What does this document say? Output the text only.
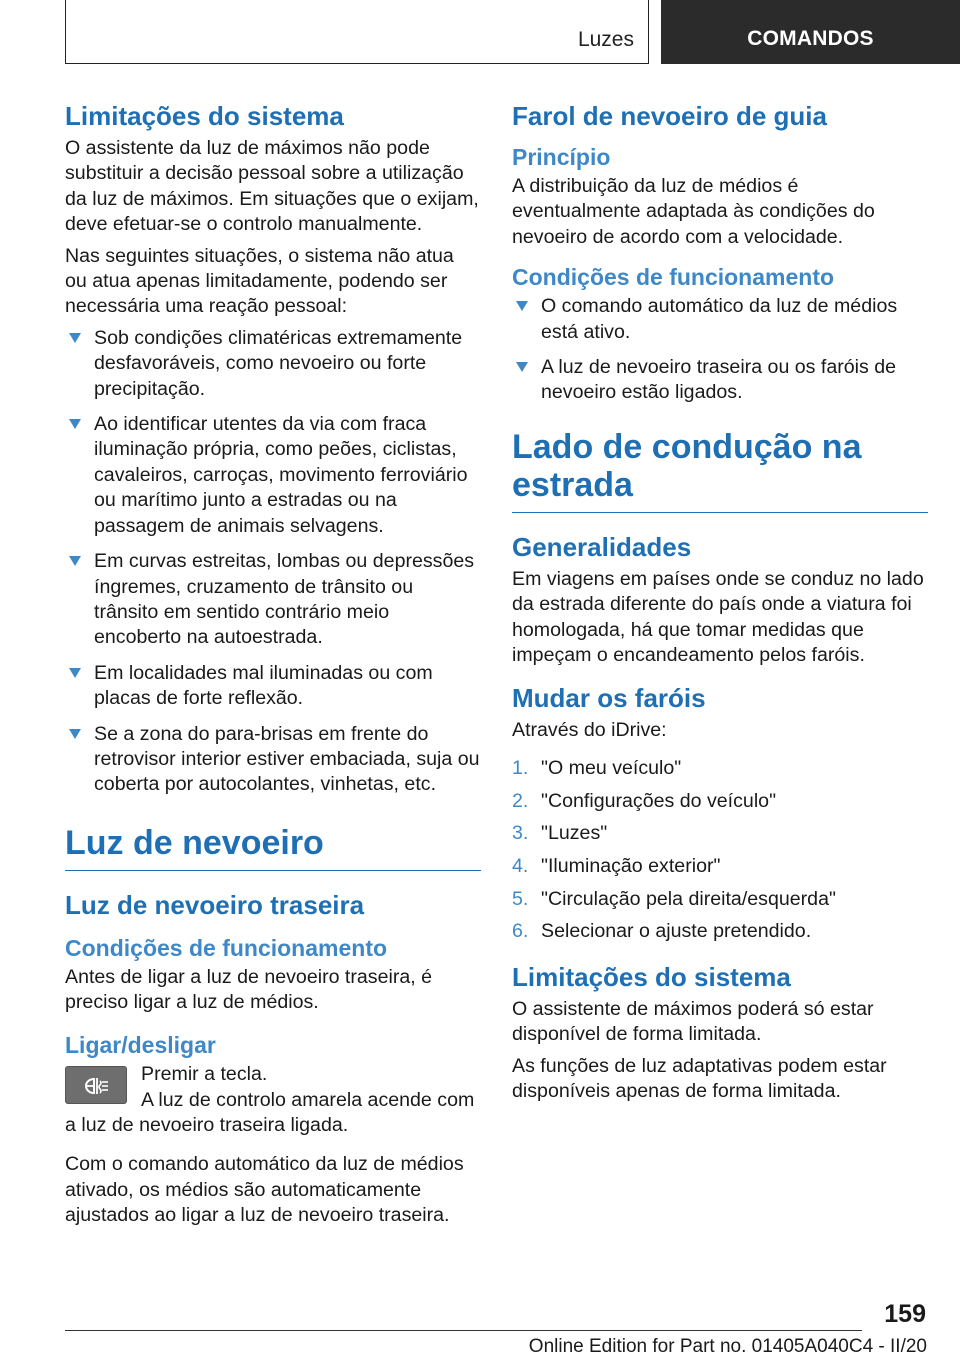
Luzes	COMANDOS
Limitações do sistema

O assistente da luz de máximos não pode substituir a decisão pessoal sobre a utilização da luz de máximos. Em situações que o exijam, deve efetuar-se o controlo manualmente.

Nas seguintes situações, o sistema não atua ou atua apenas limitadamente, podendo ser necessária uma reação pessoal:

Sob condições climatéricas extremamente desfavoráveis, como nevoeiro ou forte precipitação.
Ao identificar utentes da via com fraca iluminação própria, como peões, ciclistas, cavaleiros, carroças, movimento ferroviário ou marítimo junto a estradas ou na passagem de animais selvagens.
Em curvas estreitas, lombas ou depressões íngremes, cruzamento de trânsito ou trânsito em sentido contrário meio encoberto na autoestrada.
Em localidades mal iluminadas ou com placas de forte reflexão.
Se a zona do para-brisas em frente do retrovisor interior estiver embaciada, suja ou coberta por autocolantes, vinhetas, etc.
Luz de nevoeiro
Luz de nevoeiro traseira
Condições de funcionamento

Antes de ligar a luz de nevoeiro traseira, é preciso ligar a luz de médios.

Ligar/desligar

Premir a tecla.

A luz de controlo amarela acende com a luz de nevoeiro traseira ligada.

Com o comando automático da luz de médios ativado, os médios são automaticamente ajustados ao ligar a luz de nevoeiro traseira.

Farol de nevoeiro de guia
Princípio

A distribuição da luz de médios é eventualmente adaptada às condições do nevoeiro de acordo com a velocidade.

Condições de funcionamento
O comando automático da luz de médios está ativo.
A luz de nevoeiro traseira ou os faróis de nevoeiro estão ligados.
Lado de condução na estrada
Generalidades

Em viagens em países onde se conduz no lado da estrada diferente do país onde a viatura foi homologada, há que tomar medidas que impeçam o encandeamento pelos faróis.

Mudar os faróis

Através do iDrive:

1. "O meu veículo"
2. "Configurações do veículo"
3. "Luzes"
4. "Iluminação exterior"
5. "Circulação pela direita/esquerda"
6. Selecionar o ajuste pretendido.
Limitações do sistema

O assistente de máximos poderá só estar disponível de forma limitada.

As funções de luz adaptativas podem estar disponíveis apenas de forma limitada.

159
Online Edition for Part no. 01405A040C4 - II/20
